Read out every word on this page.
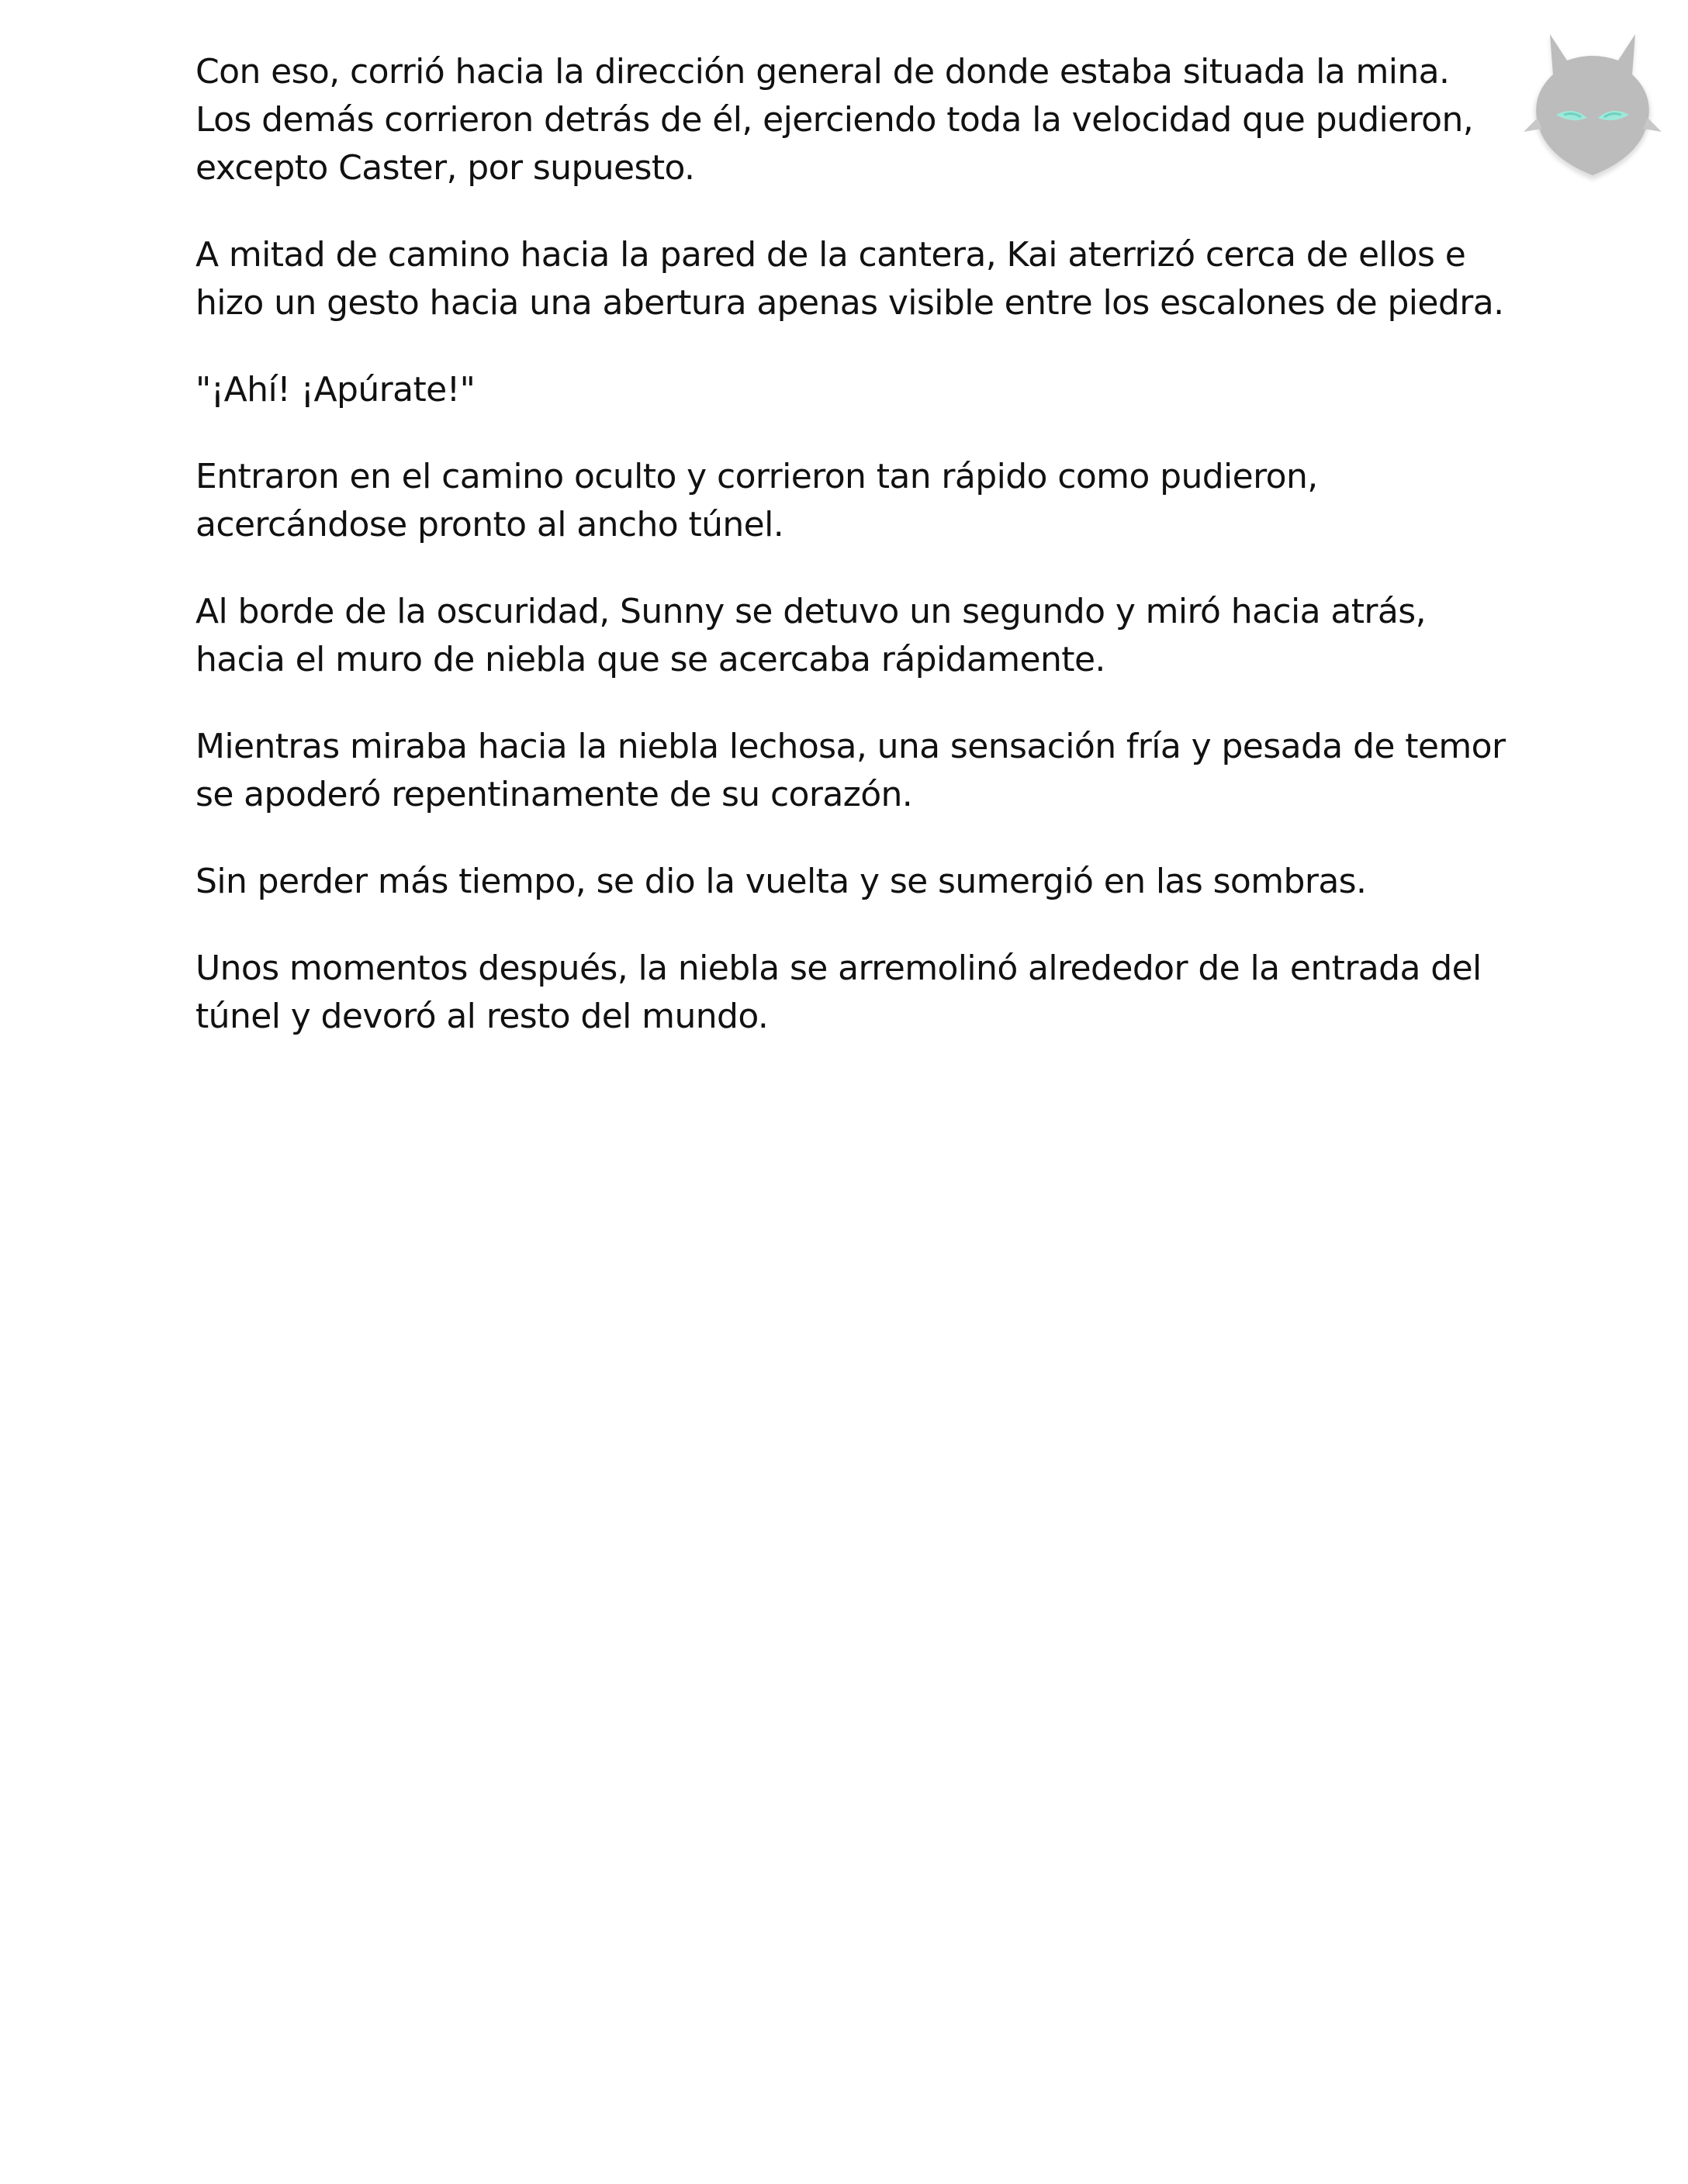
Con eso, corrió hacia la dirección general de donde estaba situada la mina. Los demás corrieron detrás de él, ejerciendo toda la velocidad que pudieron, excepto Caster, por supuesto.

A mitad de camino hacia la pared de la cantera, Kai aterrizó cerca de ellos e hizo un gesto hacia una abertura apenas visible entre los escalones de piedra.

"¡Ahí! ¡Apúrate!"

Entraron en el camino oculto y corrieron tan rápido como pudieron, acercándose pronto al ancho túnel.

Al borde de la oscuridad, Sunny se detuvo un segundo y miró hacia atrás, hacia el muro de niebla que se acercaba rápidamente.

Mientras miraba hacia la niebla lechosa, una sensación fría y pesada de temor se apoderó repentinamente de su corazón.

Sin perder más tiempo, se dio la vuelta y se sumergió en las sombras.

Unos momentos después, la niebla se arremolinó alrededor de la entrada del túnel y devoró al resto del mundo.
